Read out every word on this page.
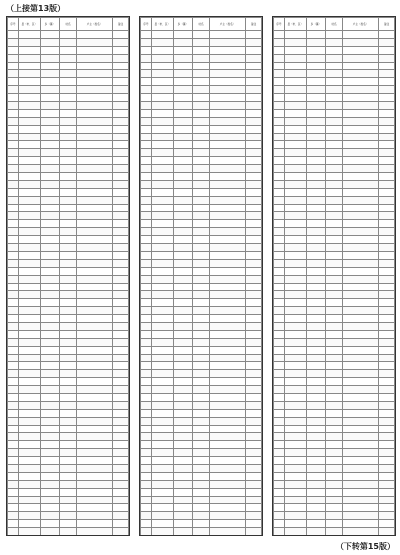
（上接第13版）
序号	县（市、区）	乡（镇）	村名	户主（姓名）	备注

						序号	县（市、区）	乡（镇）	村名	户主（姓名）	备注

						序号	县（市、区）	乡（镇）	村名	户主（姓名）	备注

（下转第15版）
